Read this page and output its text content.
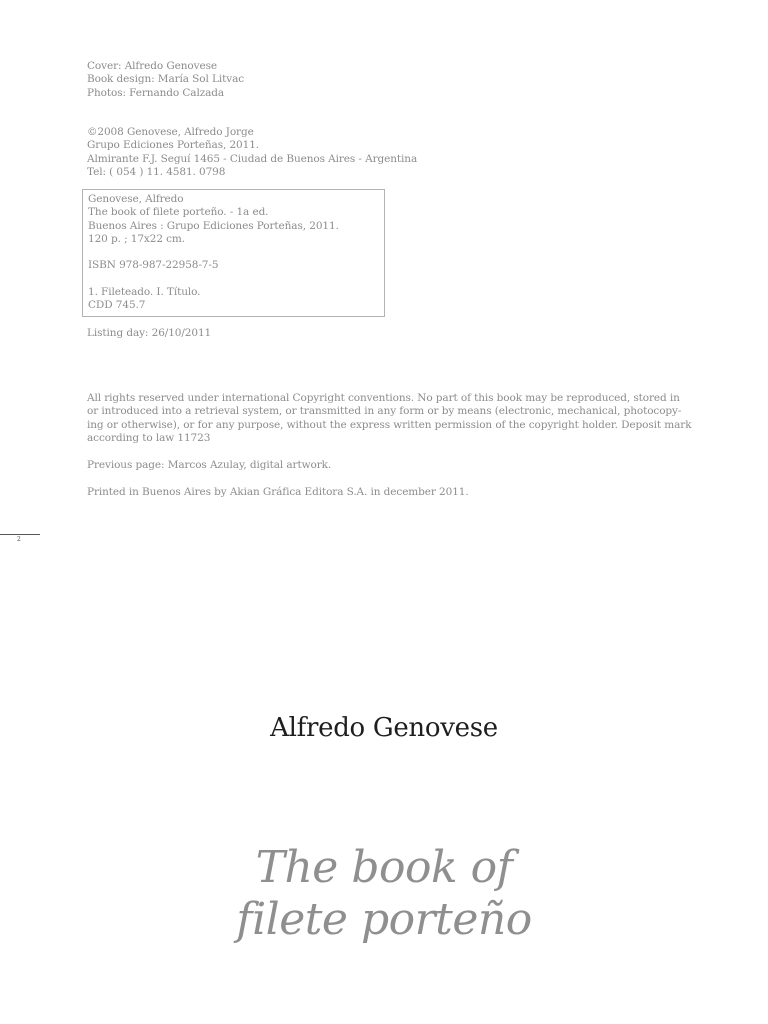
Cover: Alfredo Genovese
Book design: María Sol Litvac
Photos: Fernando Calzada
©2008 Genovese, Alfredo Jorge
Grupo Ediciones Porteñas, 2011.
Almirante F.J. Seguí 1465 - Ciudad de Buenos Aires - Argentina
Tel: ( 054 ) 11. 4581. 0798
Genovese, Alfredo
The book of filete porteño. - 1a ed.
Buenos Aires : Grupo Ediciones Porteñas, 2011.
120 p. ; 17x22 cm.
ISBN 978-987-22958-7-5
1. Fileteado. I. Título.
CDD 745.7
Listing day: 26/10/2011
All rights reserved under international Copyright conventions. No part of this book may be reproduced, stored in
or introduced into a retrieval system, or transmitted in any form or by means (electronic, mechanical, photocopy-
ing or otherwise), or for any purpose, without the express written permission of the copyright holder. Deposit mark
according to law 11723
Previous page: Marcos Azulay, digital artwork.
Printed in Buenos Aires by Akian Gráfica Editora S.A. in december 2011.
2
Alfredo Genovese
The book of
filete porteño
